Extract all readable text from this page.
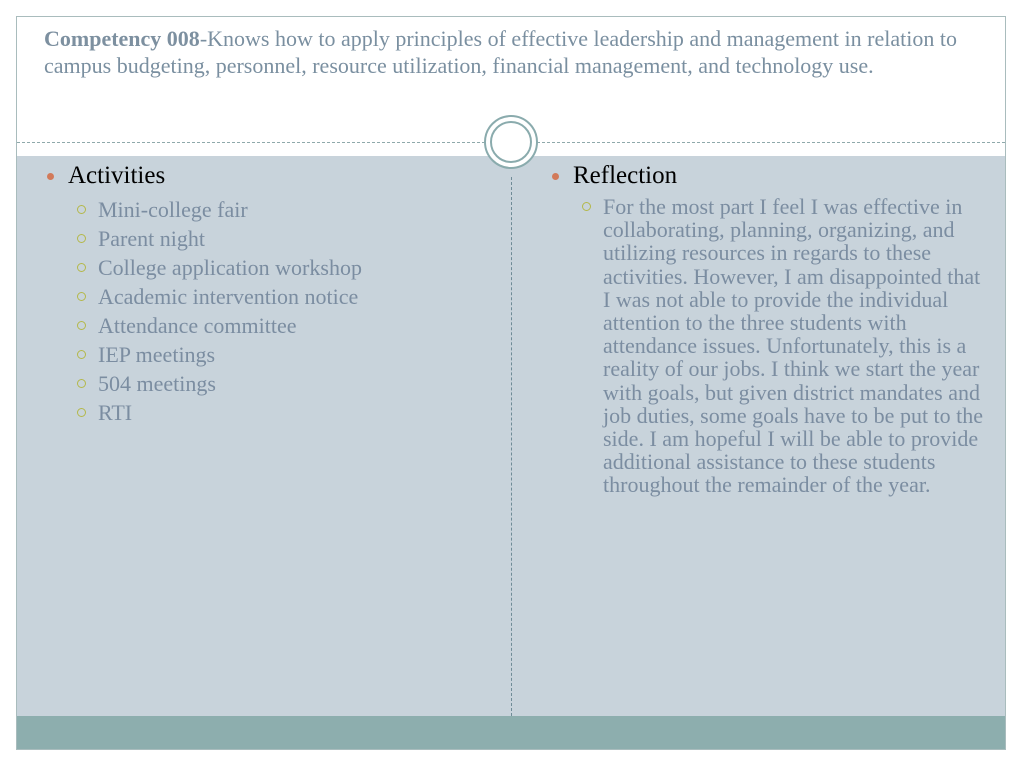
Competency 008-Knows how to apply principles of effective leadership and management in relation to campus budgeting, personnel, resource utilization, financial management, and technology use.

Activities
Mini-college fair
Parent night
College application workshop
Academic intervention notice
Attendance committee
IEP meetings
504 meetings
RTI
Reflection
For the most part I feel I was effective in collaborating, planning, organizing, and utilizing resources in regards to these activities. However, I am disappointed that I was not able to provide the individual attention to the three students with attendance issues. Unfortunately, this is a reality of our jobs. I think we start the year with goals, but given district mandates and job duties, some goals have to be put to the side. I am hopeful I will be able to provide additional assistance to these students throughout the remainder of the year.
